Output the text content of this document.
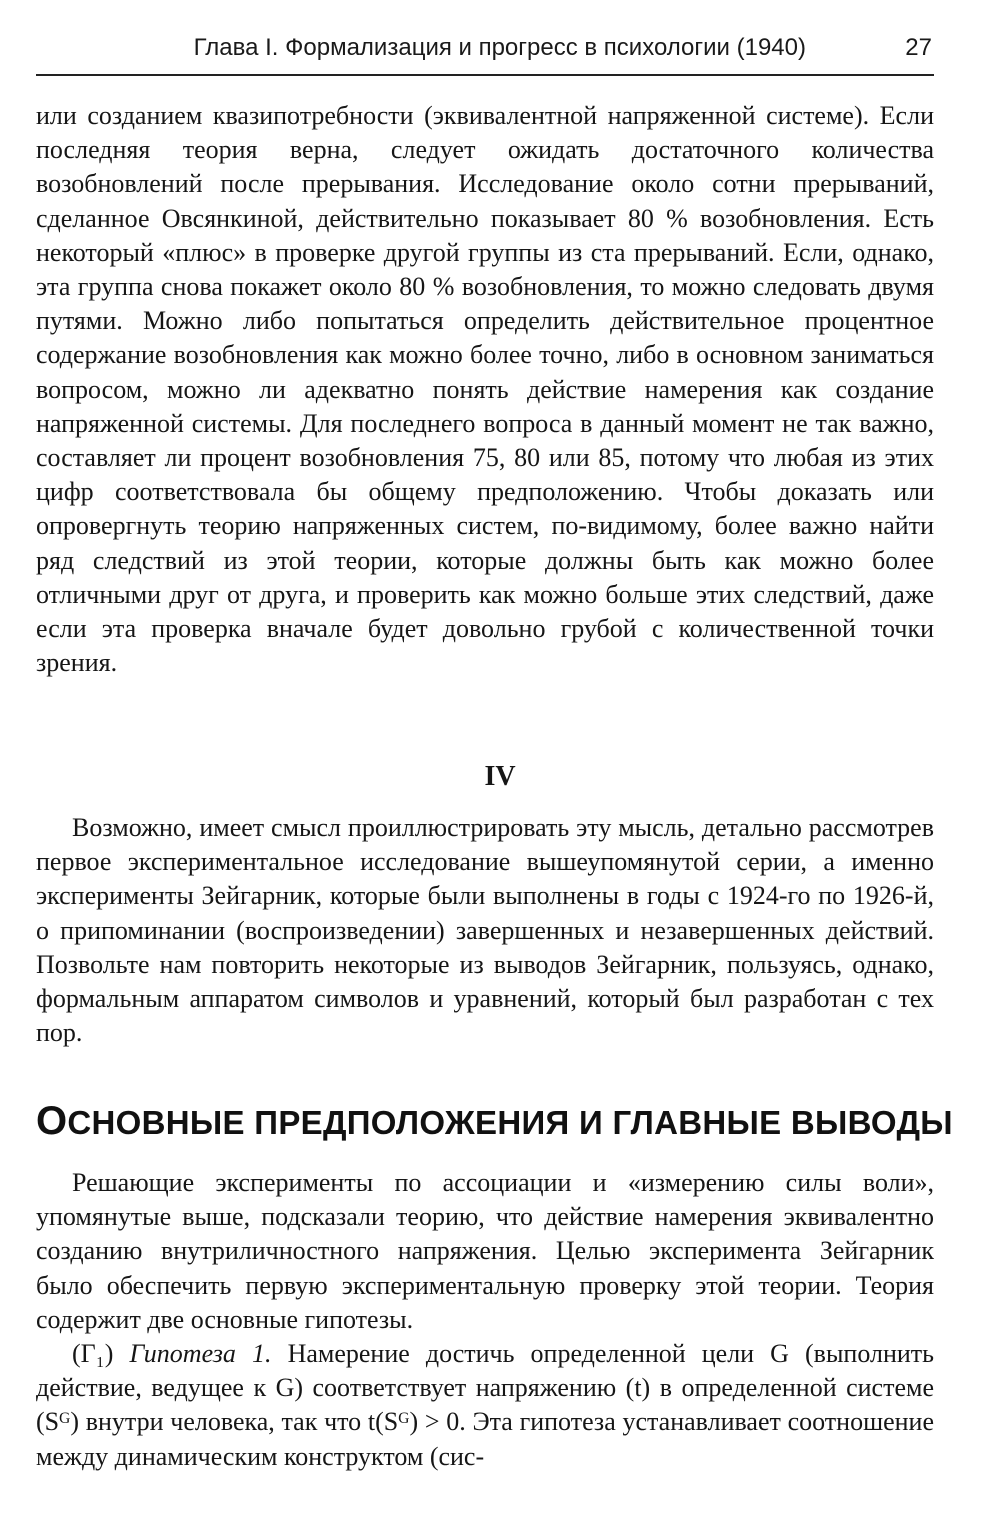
Глава I. Формализация и прогресс в психологии (1940)	27

или созданием квазипотребности (эквивалентной напряженной системе). Если последняя теория верна, следует ожидать достаточного количества возобновлений после прерывания. Исследование около сотни прерываний, сделанное Овсянкиной, действительно показывает 80 % возобновления. Есть некоторый «плюс» в проверке другой группы из ста прерываний. Если, однако, эта группа снова покажет около 80 % возобновления, то можно следовать двумя путями. Можно либо попытаться определить действительное процентное содержание возобновления как можно более точно, либо в основном заниматься вопросом, можно ли адекватно понять действие намерения как создание напряженной системы. Для последнего вопроса в данный момент не так важно, составляет ли процент возобновления 75, 80 или 85, потому что любая из этих цифр соответствовала бы общему предположению. Чтобы доказать или опровергнуть теорию напряженных систем, по-видимому, более важно найти ряд следствий из этой теории, которые должны быть как можно более отличными друг от друга, и проверить как можно больше этих следствий, даже если эта проверка вначале будет довольно грубой с количественной точки зрения.

IV

Возможно, имеет смысл проиллюстрировать эту мысль, детально рассмотрев первое экспериментальное исследование вышеупомянутой серии, а именно эксперименты Зейгарник, которые были выполнены в годы с 1924-го по 1926-й, о припоминании (воспроизведении) завершенных и незавершенных действий. Позвольте нам повторить некоторые из выводов Зейгарник, пользуясь, однако, формальным аппаратом символов и уравнений, который был разработан с тех пор.

ОСНОВНЫЕ ПРЕДПОЛОЖЕНИЯ И ГЛАВНЫЕ ВЫВОДЫ

Решающие эксперименты по ассоциации и «измерению силы воли», упомянутые выше, подсказали теорию, что действие намерения эквивалентно созданию внутриличностного напряжения. Целью эксперимента Зейгарник было обеспечить первую экспериментальную проверку этой теории. Теория содержит две основные гипотезы.

(Г₁) Гипотеза 1. Намерение достичь определенной цели G (выполнить действие, ведущее к G) соответствует напряжению (t) в определенной системе (Sᴳ) внутри человека, так что t(Sᴳ) > 0. Эта гипотеза устанавливает соотношение между динамическим конструктом (сис-
